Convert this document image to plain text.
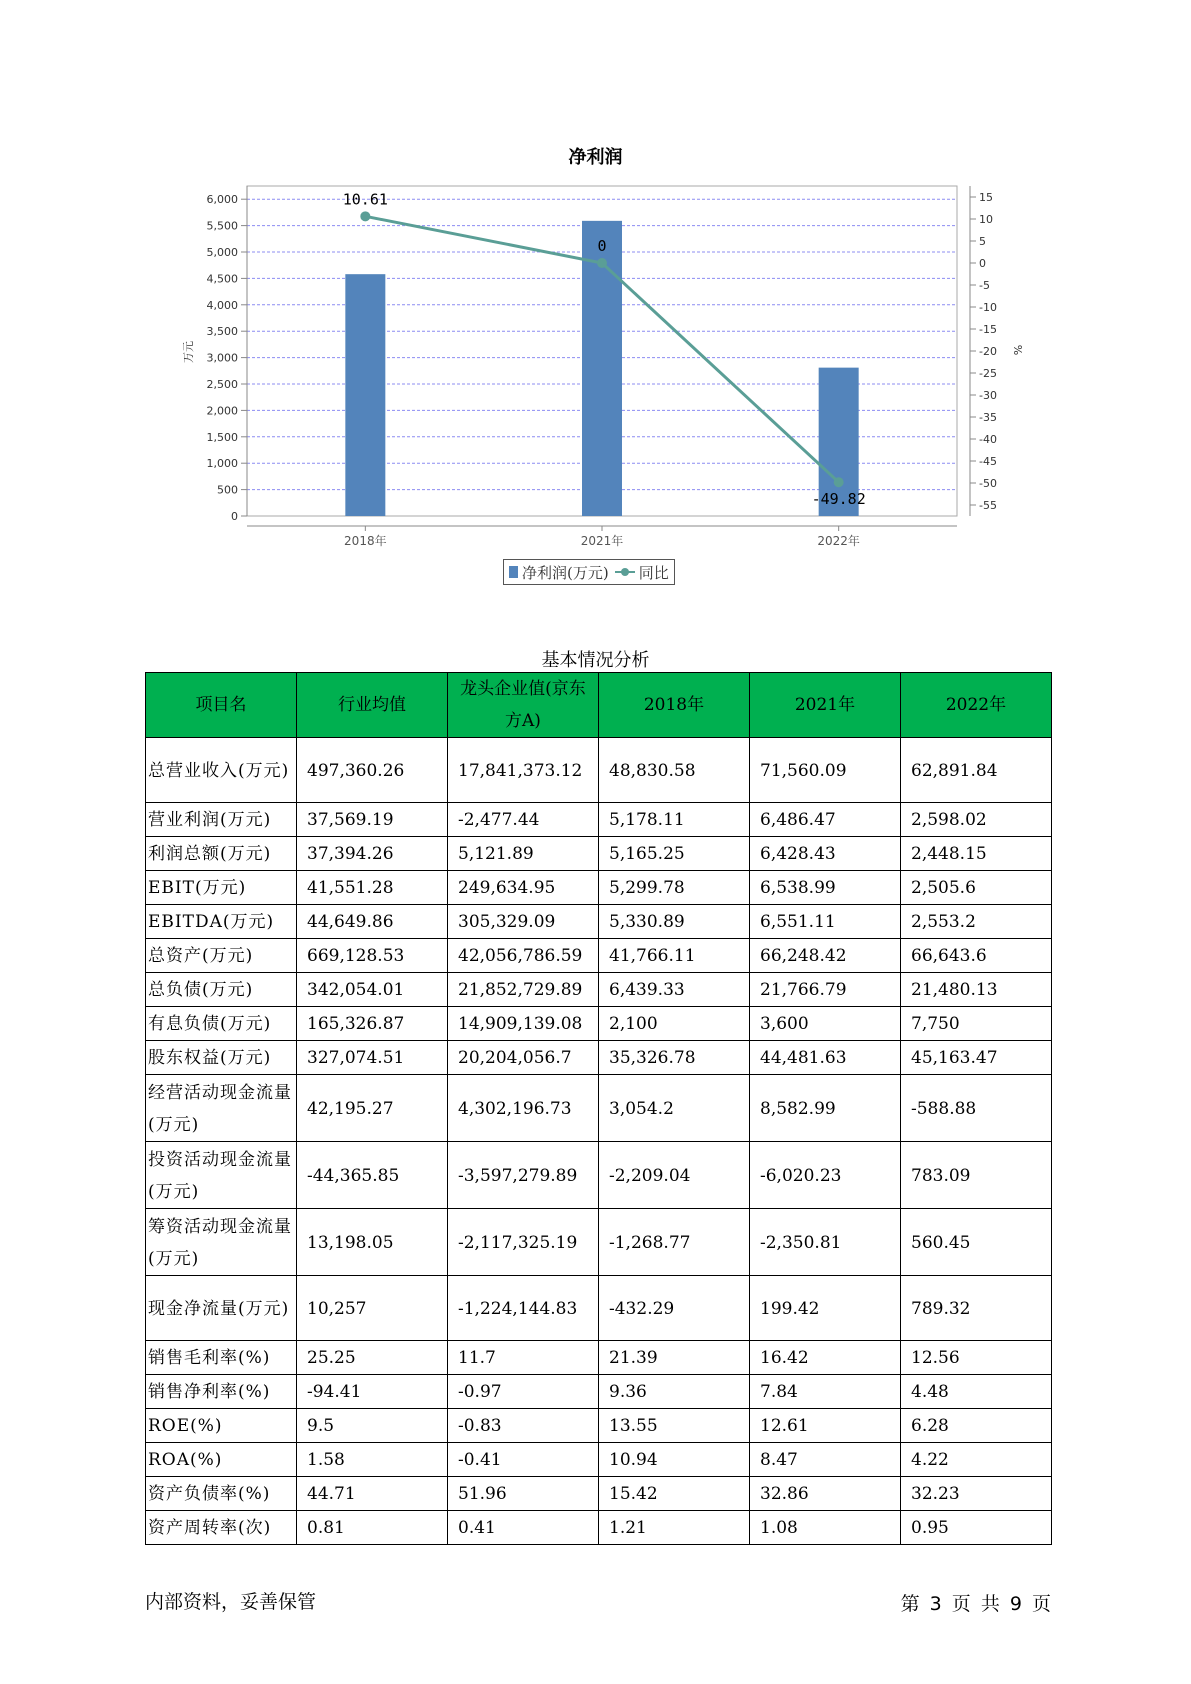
净利润
0
500
1,000
1,500
2,000
2,500
3,000
3,500
4,000
4,500
5,000
5,500
6,000
万元
15
10
5
0
-5
-10
-15
-20
-25
-30
-35
-40
-45
-50
-55
%
2018年	2021年	2022年
10.61
0
-49.82
净利润(万元) 同比
基本情况分析
项目名	行业均值	龙头企业值(京东方A)	2018年	2021年	2022年
总营业收入(万元)	497,360.26	17,841,373.12	48,830.58	71,560.09	62,891.84
营业利润(万元)	37,569.19	-2,477.44	5,178.11	6,486.47	2,598.02
利润总额(万元)	37,394.26	5,121.89	5,165.25	6,428.43	2,448.15
EBIT(万元)	41,551.28	249,634.95	5,299.78	6,538.99	2,505.6
EBITDA(万元)	44,649.86	305,329.09	5,330.89	6,551.11	2,553.2
总资产(万元)	669,128.53	42,056,786.59	41,766.11	66,248.42	66,643.6
总负债(万元)	342,054.01	21,852,729.89	6,439.33	21,766.79	21,480.13
有息负债(万元)	165,326.87	14,909,139.08	2,100	3,600	7,750
股东权益(万元)	327,074.51	20,204,056.7	35,326.78	44,481.63	45,163.47
经营活动现金流量(万元)	42,195.27	4,302,196.73	3,054.2	8,582.99	-588.88
投资活动现金流量(万元)	-44,365.85	-3,597,279.89	-2,209.04	-6,020.23	783.09
筹资活动现金流量(万元)	13,198.05	-2,117,325.19	-1,268.77	-2,350.81	560.45
现金净流量(万元)	10,257	-1,224,144.83	-432.29	199.42	789.32
销售毛利率(%)	25.25	11.7	21.39	16.42	12.56
销售净利率(%)	-94.41	-0.97	9.36	7.84	4.48
ROE(%)	9.5	-0.83	13.55	12.61	6.28
ROA(%)	1.58	-0.41	10.94	8.47	4.22
资产负债率(%)	44.71	51.96	15.42	32.86	32.23
资产周转率(次)	0.81	0.41	1.21	1.08	0.95
内部资料，妥善保管	第 3 页 共 9 页
